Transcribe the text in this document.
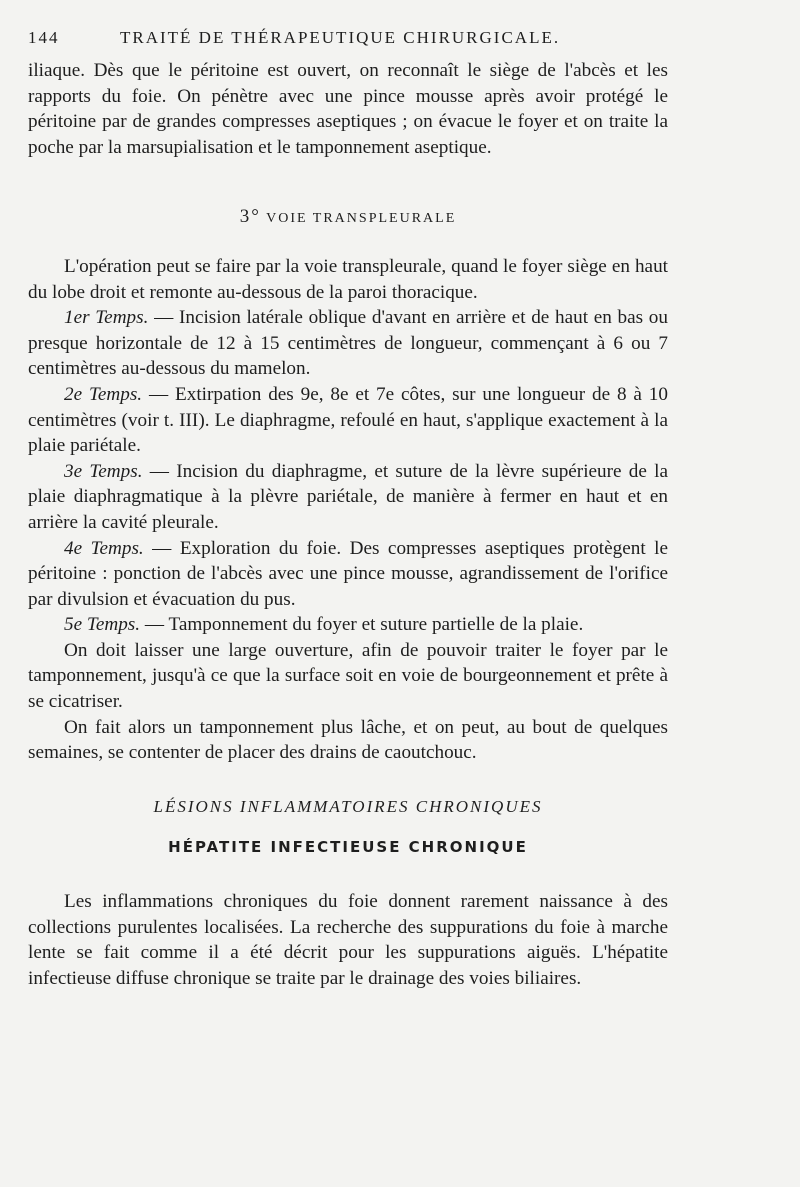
144	TRAITÉ DE THÉRAPEUTIQUE CHIRURGICALE.

iliaque. Dès que le péritoine est ouvert, on reconnaît le siège de l'abcès et les rapports du foie. On pénètre avec une pince mousse après avoir protégé le péritoine par de grandes compresses aseptiques ; on évacue le foyer et on traite la poche par la marsupialisation et le tamponnement aseptique.

3° VOIE TRANSPLEURALE

L'opération peut se faire par la voie transpleurale, quand le foyer siège en haut du lobe droit et remonte au-dessous de la paroi thoracique.

1er Temps. — Incision latérale oblique d'avant en arrière et de haut en bas ou presque horizontale de 12 à 15 centimètres de longueur, commençant à 6 ou 7 centimètres au-dessous du mamelon.

2e Temps. — Extirpation des 9e, 8e et 7e côtes, sur une longueur de 8 à 10 centimètres (voir t. III). Le diaphragme, refoulé en haut, s'applique exactement à la plaie pariétale.

3e Temps. — Incision du diaphragme, et suture de la lèvre supérieure de la plaie diaphragmatique à la plèvre pariétale, de manière à fermer en haut et en arrière la cavité pleurale.

4e Temps. — Exploration du foie. Des compresses aseptiques protègent le péritoine : ponction de l'abcès avec une pince mousse, agrandissement de l'orifice par divulsion et évacuation du pus.

5e Temps. — Tamponnement du foyer et suture partielle de la plaie.

On doit laisser une large ouverture, afin de pouvoir traiter le foyer par le tamponnement, jusqu'à ce que la surface soit en voie de bourgeonnement et prête à se cicatriser.

On fait alors un tamponnement plus lâche, et on peut, au bout de quelques semaines, se contenter de placer des drains de caoutchouc.

LÉSIONS INFLAMMATOIRES CHRONIQUES
HÉPATITE INFECTIEUSE CHRONIQUE

Les inflammations chroniques du foie donnent rarement naissance à des collections purulentes localisées. La recherche des suppurations du foie à marche lente se fait comme il a été décrit pour les suppurations aiguës. L'hépatite infectieuse diffuse chronique se traite par le drainage des voies biliaires.
